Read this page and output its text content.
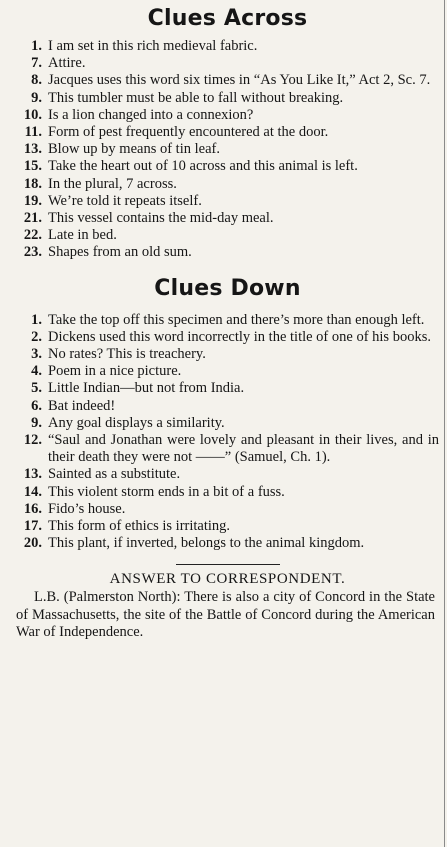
Clues Across
1. I am set in this rich medieval fabric.
7. Attire.
8. Jacques uses this word six times in “As You Like It,” Act 2, Sc. 7.
9. This tumbler must be able to fall without breaking.
10. Is a lion changed into a connexion?
11. Form of pest frequently encountered at the door.
13. Blow up by means of tin leaf.
15. Take the heart out of 10 across and this animal is left.
18. In the plural, 7 across.
19. We’re told it repeats itself.
21. This vessel contains the mid-day meal.
22. Late in bed.
23. Shapes from an old sum.
Clues Down
1. Take the top off this specimen and there’s more than enough left.
2. Dickens used this word incorrectly in the title of one of his books.
3. No rates? This is treachery.
4. Poem in a nice picture.
5. Little Indian—but not from India.
6. Bat indeed!
9. Any goal displays a similarity.
12. “Saul and Jonathan were lovely and pleasant in their lives, and in their death they were not ——” (Samuel, Ch. 1).
13. Sainted as a substitute.
14. This violent storm ends in a bit of a fuss.
16. Fido’s house.
17. This form of ethics is irritating.
20. This plant, if inverted, belongs to the animal kingdom.

ANSWER TO CORRESPONDENT.

L.B. (Palmerston North): There is also a city of Concord in the State of Massachusetts, the site of the Battle of Concord during the American War of Independence.
